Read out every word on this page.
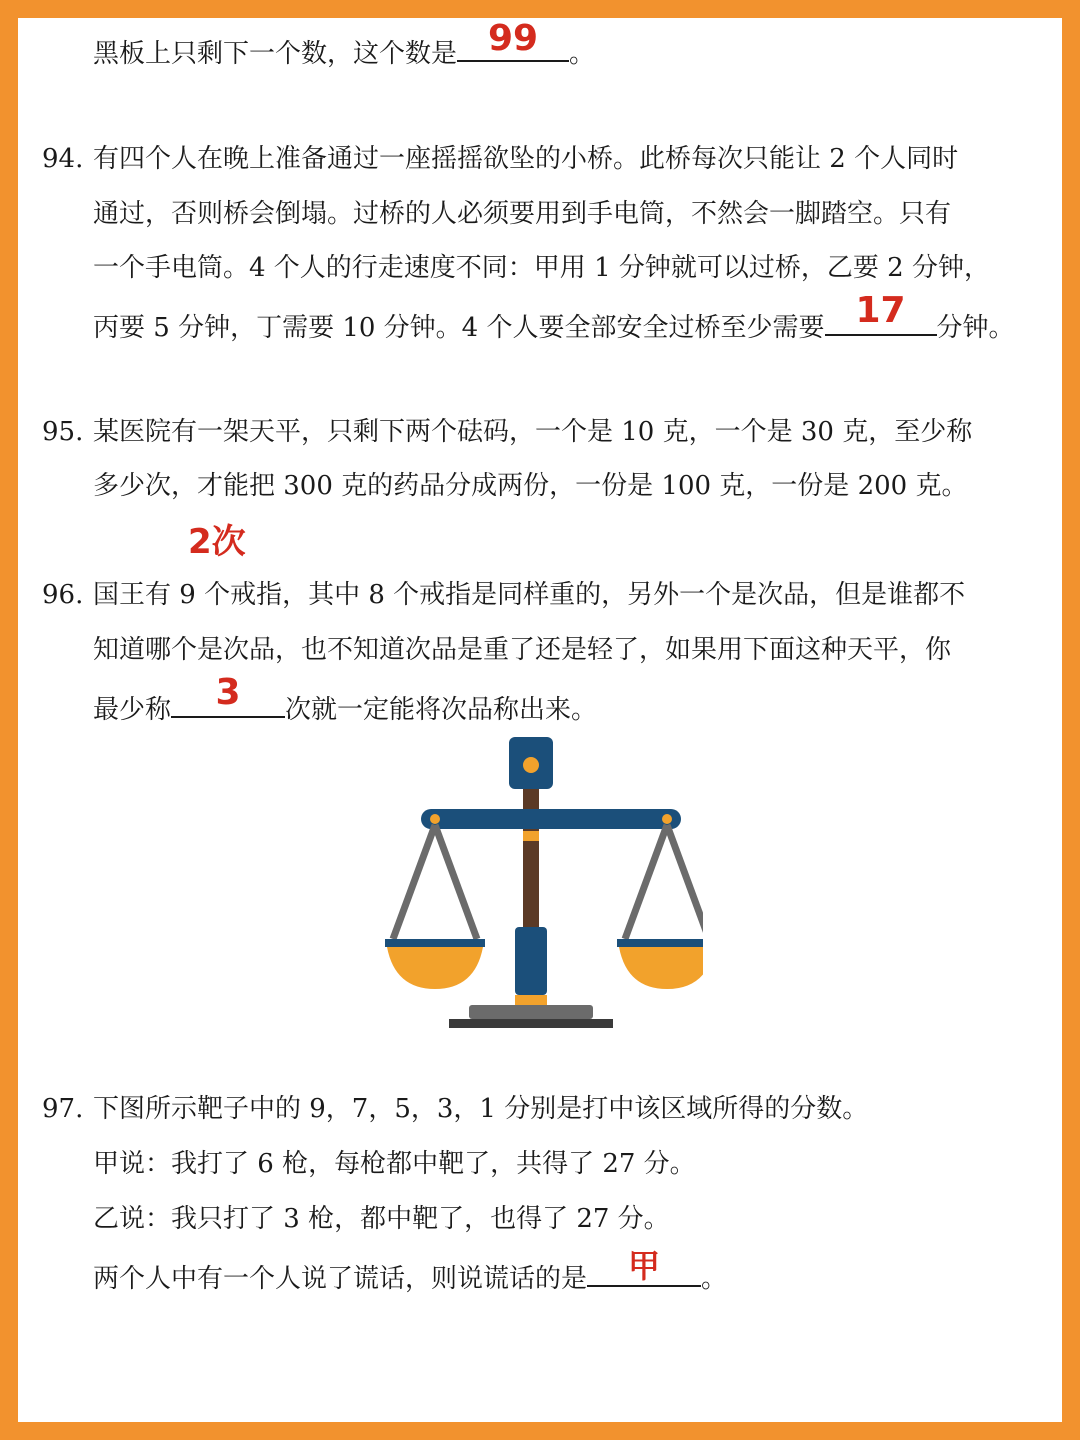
黑板上只剩下一个数，这个数是 99	。
94. 有四个人在晚上准备通过一座摇摇欲坠的小桥。此桥每次只能让 2 个人同时
通过，否则桥会倒塌。过桥的人必须要用到手电筒，不然会一脚踏空。只有
一个手电筒。4 个人的行走速度不同：甲用 1 分钟就可以过桥，乙要 2 分钟，
丙要 5 分钟，丁需要 10 分钟。4 个人要全部安全过桥至少需要 17	分钟。
95. 某医院有一架天平，只剩下两个砝码，一个是 10 克，一个是 30 克，至少称
多少次，才能把 300 克的药品分成两份，一份是 100 克，一份是 200 克。
2次
96. 国王有 9 个戒指，其中 8 个戒指是同样重的，另外一个是次品，但是谁都不
知道哪个是次品，也不知道次品是重了还是轻了，如果用下面这种天平，你
最少称	3	次就一定能将次品称出来。
97. 下图所示靶子中的 9，7，5，3，1 分别是打中该区域所得的分数。
甲说：我打了 6 枪，每枪都中靶了，共得了 27 分。
乙说：我只打了 3 枪，都中靶了，也得了 27 分。
两个人中有一个人说了谎话，则说谎话的是	甲	。
